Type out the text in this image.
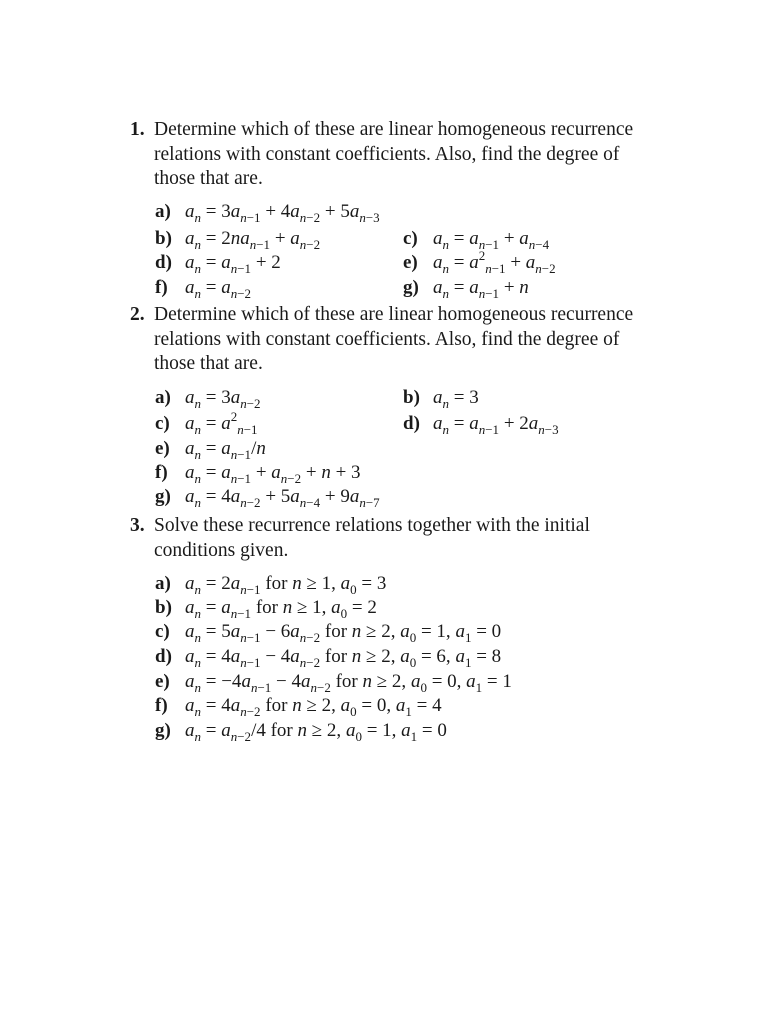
1. Determine which of these are linear homogeneous recurrence relations with constant coefficients. Also, find the degree of those that are.
a) $a_n = 3a_{n-1} + 4a_{n-2} + 5a_{n-3}$
b) $a_n = 2na_{n-1} + a_{n-2}$	c) $a_n = a_{n-1} + a_{n-4}$
d) $a_n = a_{n-1} + 2$	e) $a_n = a^2_{n-1} + a_{n-2}$
f) $a_n = a_{n-2}$	g) $a_n = a_{n-1} + n$
2. Determine which of these are linear homogeneous recurrence relations with constant coefficients. Also, find the degree of those that are.
a) $a_n = 3a_{n-2}$	b) $a_n = 3$
c) $a_n = a^2_{n-1}$	d) $a_n = a_{n-1} + 2a_{n-3}$
e) $a_n = a_{n-1}/n$
f) $a_n = a_{n-1} + a_{n-2} + n + 3$
g) $a_n = 4a_{n-2} + 5a_{n-4} + 9a_{n-7}$
3. Solve these recurrence relations together with the initial conditions given.
a) $a_n = 2a_{n-1}$ for n ≥ 1, $a_0 = 3$
b) $a_n = a_{n-1}$ for n ≥ 1, $a_0 = 2$
c) $a_n = 5a_{n-1} - 6a_{n-2}$ for n ≥ 2, $a_0 = 1$, $a_1 = 0$
d) $a_n = 4a_{n-1} - 4a_{n-2}$ for n ≥ 2, $a_0 = 6$, $a_1 = 8$
e) $a_n = -4a_{n-1} - 4a_{n-2}$ for n ≥ 2, $a_0 = 0$, $a_1 = 1$
f) $a_n = 4a_{n-2}$ for n ≥ 2, $a_0 = 0$, $a_1 = 4$
g) $a_n = a_{n-2}/4$ for n ≥ 2, $a_0 = 1$, $a_1 = 0$
